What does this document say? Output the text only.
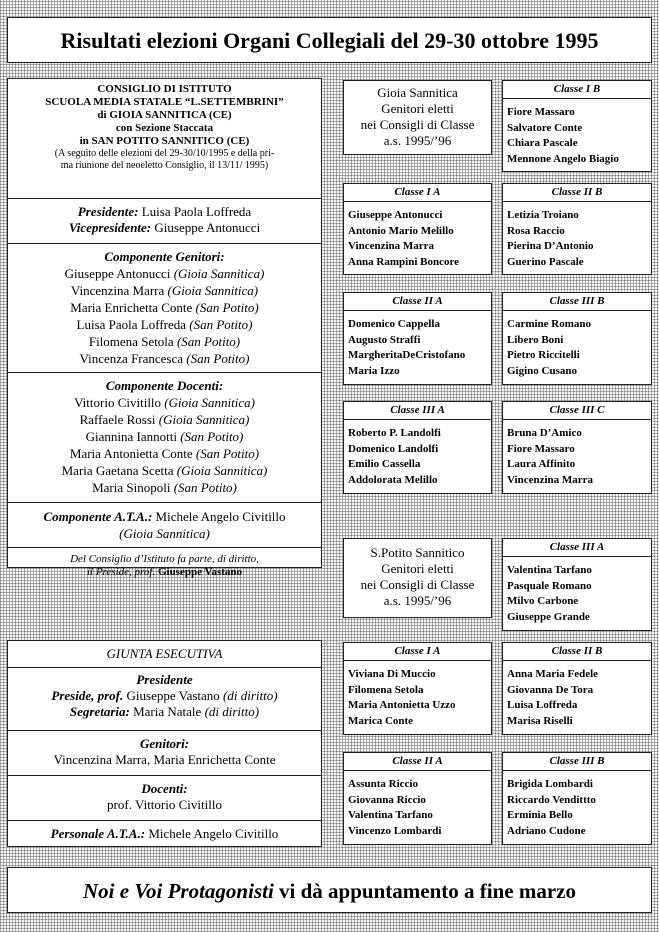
Risultati elezioni Organi Collegiali del 29-30 ottobre 1995
CONSIGLIO DI ISTITUTO
SCUOLA MEDIA STATALE “L.SETTEMBRINI”
di GIOIA SANNITICA (CE)
con Sezione Staccata
in SAN POTITO SANNITICO (CE)
(A seguito delle elezioni del 29-30/10/1995 e della pri-
ma riunione del neoeletto Consiglio, il 13/11/ 1995)
Presidente: Luisa Paola Loffreda
Vicepresidente: Giuseppe Antonucci
Componente Genitori:
Giuseppe Antonucci (Gioia Sannitica)
Vincenzina Marra (Gioia Sannitica)
Maria Enrichetta Conte (San Potito)
Luisa Paola Loffreda (San Potito)
Filomena Setola (San Potito)
Vincenza Francesca (San Potito)
Componente Docenti:
Vittorio Civitillo (Gioia Sannitica)
Raffaele Rossi (Gioia Sannitica)
Giannina Iannotti (San Potito)
Maria Antonietta Conte (San Potito)
Maria Gaetana Scetta (Gioia Sannitica)
Maria Sinopoli (San Potito)
Componente A.T.A.: Michele Angelo Civitillo
(Gioia Sannitica)
Del Consiglio d’Istituto fa parte, di diritto,
il Preside, prof. Giuseppe Vastano
GIUNTA ESECUTIVA
Presidente
Preside, prof. Giuseppe Vastano (di diritto)
Segretaria: Maria Natale (di diritto)
Genitori:
Vincenzina Marra, Maria Enrichetta Conte
Docenti:
prof. Vittorio Civitillo
Personale A.T.A.: Michele Angelo Civitillo
Gioia Sannitica
Genitori eletti
nei Consigli di Classe
a.s. 1995/’96
S.Potito Sannitico
Genitori eletti
nei Consigli di Classe
a.s. 1995/’96
Classe I B
Fiore Massaro
Salvatore Conte
Chiara Pascale
Mennone Angelo Biagio
Classe I A
Giuseppe Antonucci
Antonio Mario Melillo
Vincenzina Marra
Anna Rampini Boncore
Classe II B
Letizia Troiano
Rosa Raccio
Pierina D’Antonio
Guerino Pascale
Classe II A
Domenico Cappella
Augusto Straffi
MargheritaDeCristofano
Maria Izzo
Classe III B
Carmine Romano
Libero Boni
Pietro Riccitelli
Gigino Cusano
Classe III A
Roberto P. Landolfi
Domenico Landolfi
Emilio Cassella
Addolorata Melillo
Classe III C
Bruna D’Amico
Fiore Massaro
Laura Affinito
Vincenzina Marra
Classe III A
Valentina Tarfano
Pasquale Romano
Milvo Carbone
Giuseppe Grande
Classe I A
Viviana Di Muccio
Filomena Setola
Maria Antonietta Uzzo
Marica Conte
Classe II B
Anna Maria Fedele
Giovanna De Tora
Luisa Loffreda
Marisa Riselli
Classe II A
Assunta Riccio
Giovanna Riccio
Valentina Tarfano
Vincenzo Lombardi
Classe III B
Brigida Lombardi
Riccardo Vendittto
Erminia Bello
Adriano Cudone
Noi e Voi Protagonisti vi dà appuntamento a fine marzo
